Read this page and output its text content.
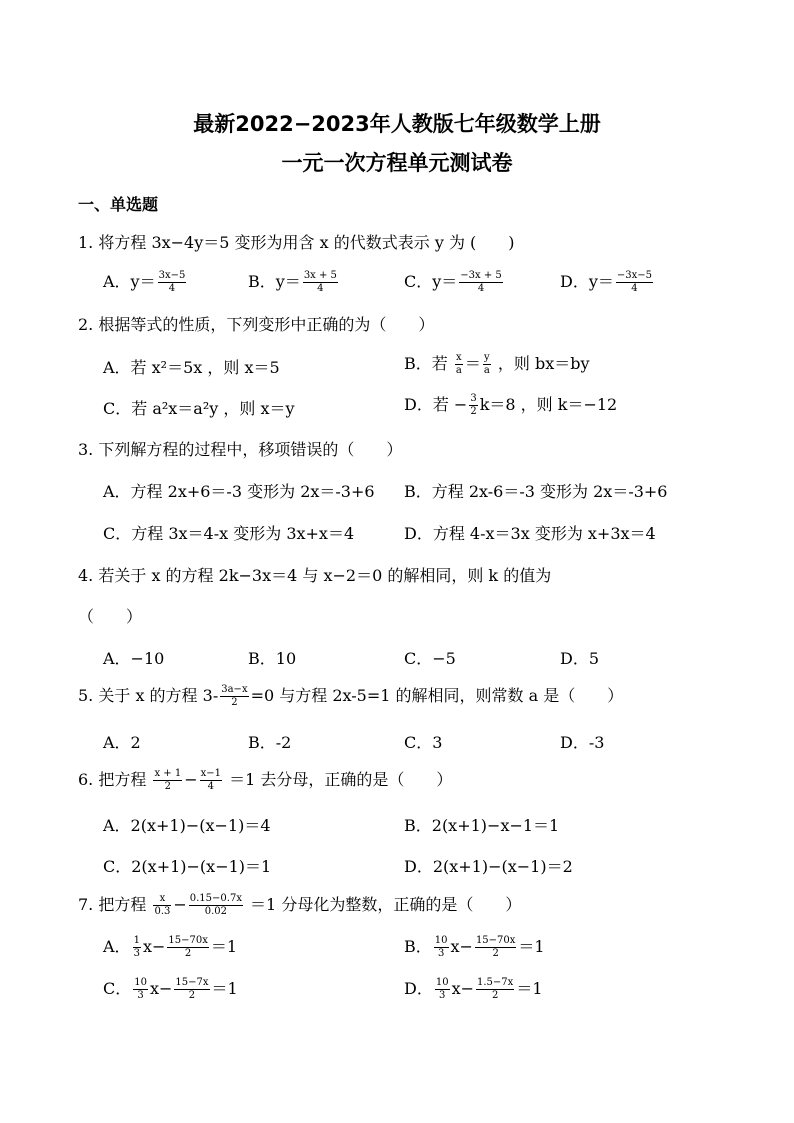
最新2022−2023年人教版七年级数学上册
一元一次方程单元测试卷
一、单选题
1. 将方程 3x−4y＝5 变形为用含 x 的代数式表示 y 为 (　　)
A．$y= \frac{3x-5}{4}$	B．$y= \frac{3x + 5}{4}$	C．$y= \frac{-3x + 5}{4}$	D．$y= \frac{-3x-5}{4}$
2. 根据等式的性质，下列变形中正确的为（　　）
A．若 x²＝5x ，则 x＝5	B．若 $\frac{x}{a} = \frac{y}{a}$ ，则 bx＝by
C．若 a²x＝a²y ，则 x＝y	D．若 − $\frac{3}{2} k=8$ ，则 k＝−12
3. 下列解方程的过程中，移项错误的（　　）
A．方程 2x+6＝-3 变形为 2x＝-3+6 B．方程 2x-6＝-3 变形为 2x＝-3+6
C．方程 3x＝4-x 变形为 3x+x＝4	D．方程 4-x＝3x 变形为 x+3x＝4
4. 若关于 x 的方程 2k−3x＝4 与 x−2＝0 的解相同，则 k 的值为
（　　）
A．−10	B．10	C．−5	D．5
5. 关于 x 的方程 $3- \frac{3a-x}{2} =0$ 与方程 2x-5=1 的解相同，则常数 a 是（　　）
A．2	B．-2	C．3	D．-3
6. 把方程 $\frac{x + 1}{2} - \frac{x-1}{4} =1$ 去分母，正确的是（　　）
A．2(x+1)−(x−1)＝4	B．2(x+1)−x−1＝1
C．2(x+1)−(x−1)＝1	D．2(x+1)−(x−1)＝2
7. 把方程 $\frac{x}{0.3} - \frac{0.15-0.7x}{0.02} =1$ 分母化为整数，正确的是（　　）
A． $\frac{1}{3} x- \frac{15-70x}{2} =1$	B． $\frac{10}{3} x- \frac{15-70x}{2} =1$
C． $\frac{10}{3} x- \frac{15-7x}{2} =1$	D． $\frac{10}{3} x- \frac{1.5-7x}{2} =1$
